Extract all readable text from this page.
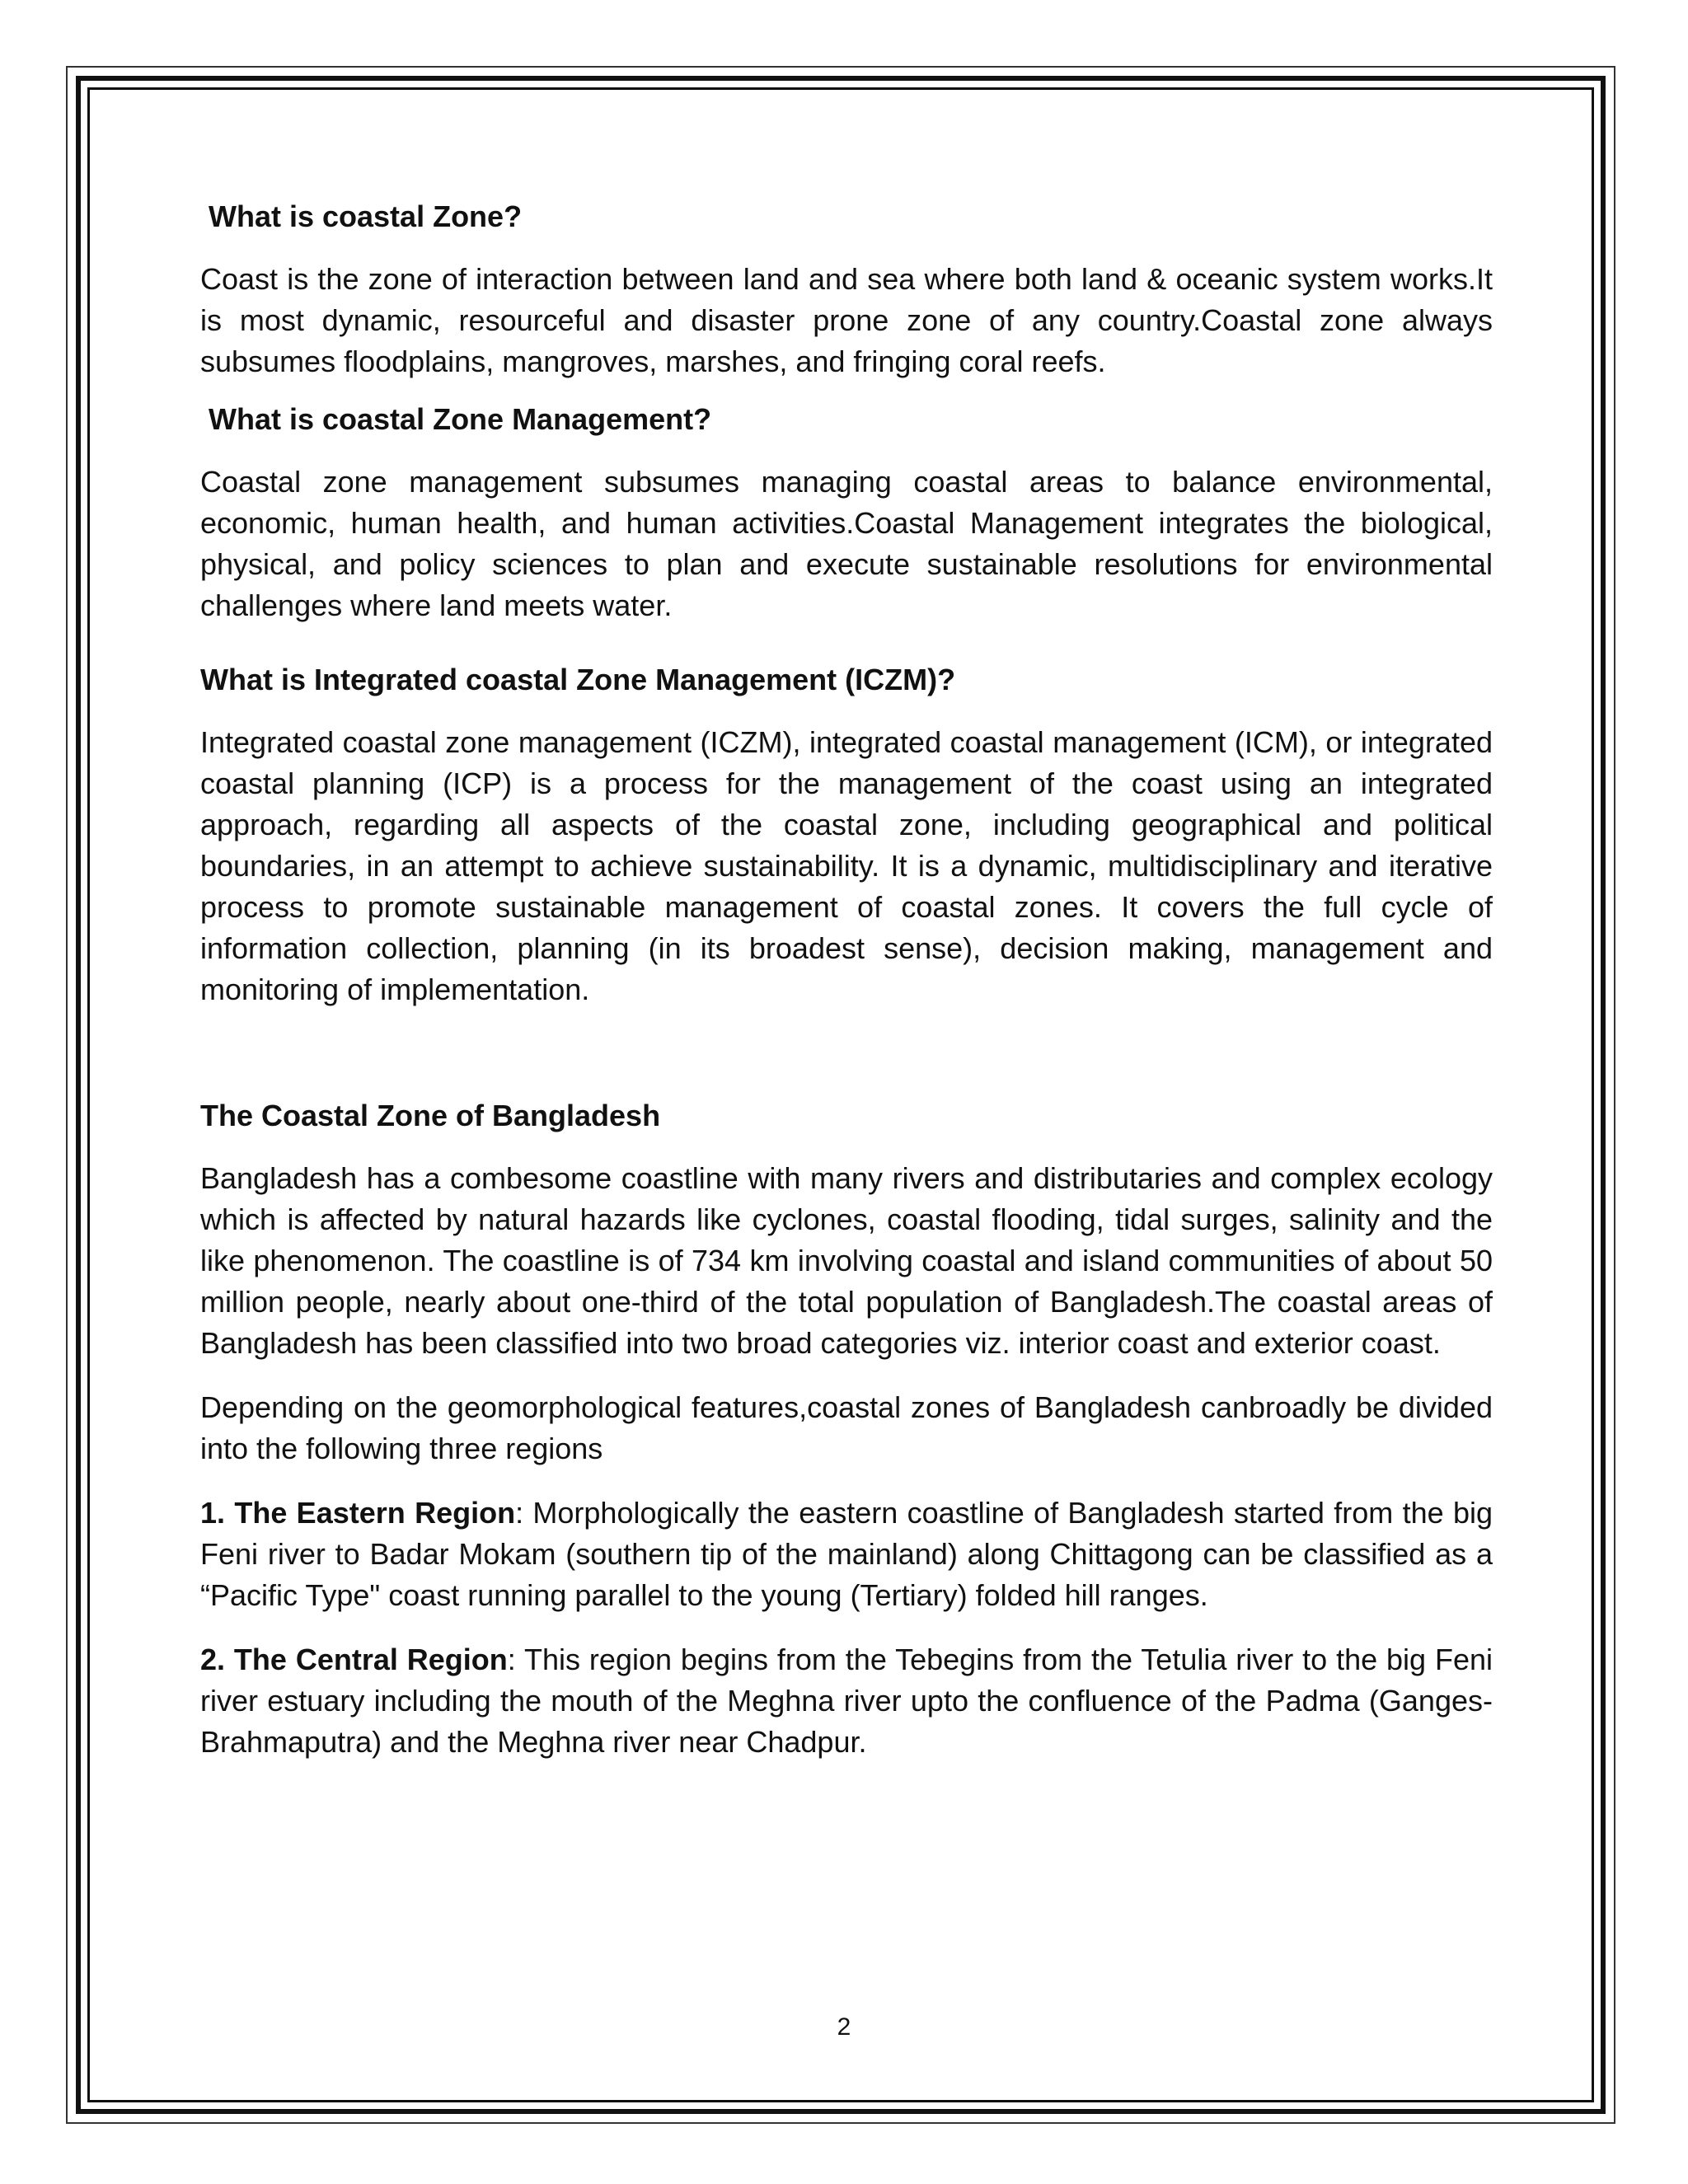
What is coastal Zone?

Coast is the zone of interaction between land and sea where both land & oceanic system works.It is most dynamic, resourceful and disaster prone zone of any country.Coastal zone always subsumes floodplains, mangroves, marshes, and fringing coral reefs.

What is coastal Zone Management?

Coastal zone management subsumes managing coastal areas to balance environmental, economic, human health, and human activities.Coastal Management integrates the biological, physical, and policy sciences to plan and execute sustainable resolutions for environmental challenges where land meets water.

What is Integrated coastal Zone Management (ICZM)?

Integrated coastal zone management (ICZM), integrated coastal management (ICM), or integrated coastal planning (ICP) is a process for the management of the coast using an integrated approach, regarding all aspects of the coastal zone, including geographical and political boundaries, in an attempt to achieve sustainability. It is a dynamic, multidisciplinary and iterative process to promote sustainable management of coastal zones. It covers the full cycle of information collection, planning (in its broadest sense), decision making, management and monitoring of implementation.

The Coastal Zone of Bangladesh

Bangladesh has a combesome coastline with many rivers and distributaries and complex ecology which is affected by natural hazards like cyclones, coastal flooding, tidal surges, salinity and the like phenomenon. The coastline is of 734 km involving coastal and island communities of about 50 million people, nearly about one-third of the total population of Bangladesh.The coastal areas of Bangladesh has been classified into two broad categories viz. interior coast and exterior coast.

Depending on the geomorphological features,coastal zones of Bangladesh canbroadly be divided into the following three regions

1. The Eastern Region: Morphologically the eastern coastline of Bangladesh started from the big Feni river to Badar Mokam (southern tip of the mainland) along Chittagong can be classified as a “Pacific Type" coast running parallel to the young (Tertiary) folded hill ranges.

2. The Central Region: This region begins from the Tebegins from the Tetulia river to the big Feni river estuary including the mouth of the Meghna river upto the confluence of the Padma (Ganges- Brahmaputra) and the Meghna river near Chadpur.

2
